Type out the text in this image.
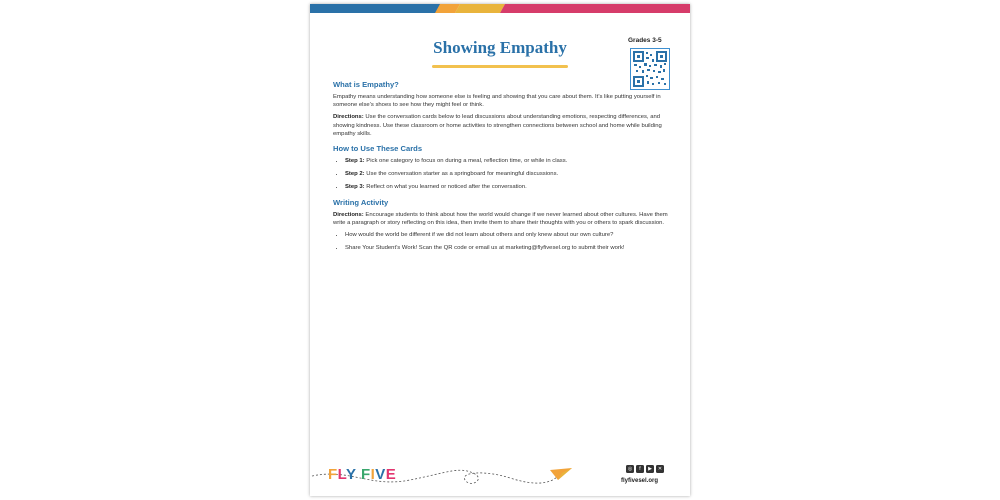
Showing Empathy	Grades 3-5
What is Empathy?

Empathy means understanding how someone else is feeling and showing that you care about them. It’s like putting yourself in someone else’s shoes to see how they might feel or think.

Directions: Use the conversation cards below to lead discussions about understanding emotions, respecting differences, and showing kindness. Use these classroom or home activities to strengthen connections between school and home while building empathy skills.

How to Use These Cards
• Step 1: Pick one category to focus on during a meal, reflection time, or while in class.
• Step 2: Use the conversation starter as a springboard for meaningful discussions.
• Step 3: Reflect on what you learned or noticed after the conversation.
Writing Activity

Directions: Encourage students to think about how the world would change if we never learned about other cultures. Have them write a paragraph or story reflecting on this idea, then invite them to share their thoughts with you or others to spark discussion.

• How would the world be different if we did not learn about others and only knew about our own culture?
• Share Your Student’s Work! Scan the QR code or email us at marketing@flyfivesel.org to submit their work!
FLY FIVE	◎	f	▶	✕
flyfivesel.org
